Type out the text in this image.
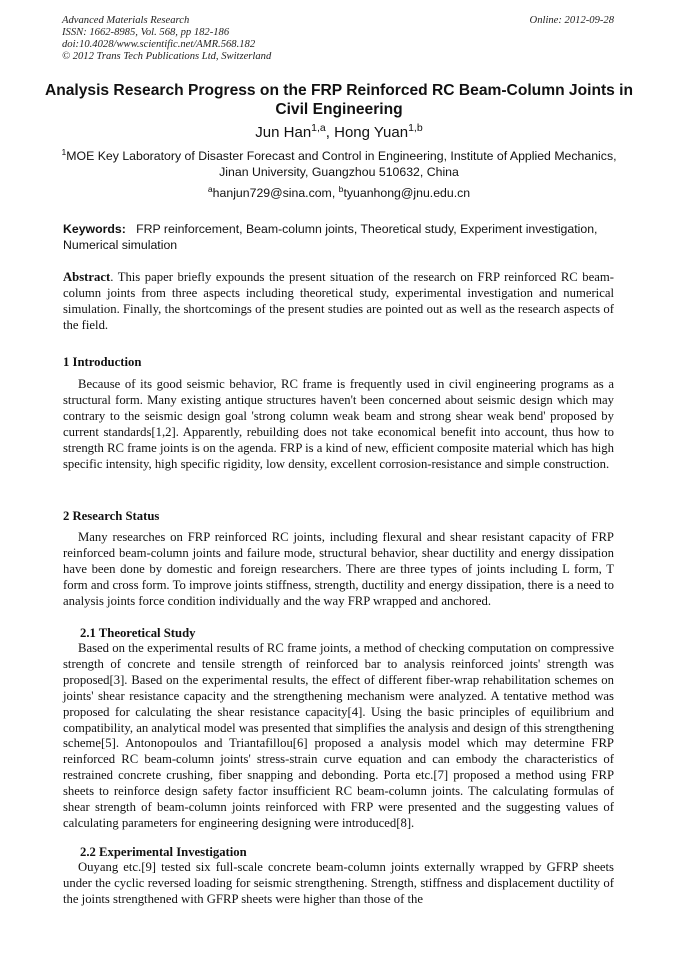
Advanced Materials Research
ISSN: 1662-8985, Vol. 568, pp 182-186
doi:10.4028/www.scientific.net/AMR.568.182
© 2012 Trans Tech Publications Ltd, Switzerland
Online: 2012-09-28
Analysis Research Progress on the FRP Reinforced RC Beam-Column Joints in Civil Engineering
Jun Han$^{1,a}$, Hong Yuan$^{1,b}$
$^1$MOE Key Laboratory of Disaster Forecast and Control in Engineering, Institute of Applied Mechanics, Jinan University, Guangzhou 510632, China
$^a$hanjun729@sina.com, $^b$tyuanhong@jnu.edu.cn
Keywords: FRP reinforcement, Beam-column joints, Theoretical study, Experiment investigation, Numerical simulation
Abstract. This paper briefly expounds the present situation of the research on FRP reinforced RC beam-column joints from three aspects including theoretical study, experimental investigation and numerical simulation. Finally, the shortcomings of the present studies are pointed out as well as the research aspects of the field.
1 Introduction
Because of its good seismic behavior, RC frame is frequently used in civil engineering programs as a structural form. Many existing antique structures haven't been concerned about seismic design which may contrary to the seismic design goal 'strong column weak beam and strong shear weak bend' proposed by current standards[1,2]. Apparently, rebuilding does not take economical benefit into account, thus how to strength RC frame joints is on the agenda. FRP is a kind of new, efficient composite material which has high specific intensity, high specific rigidity, low density, excellent corrosion-resistance and simple construction.
2 Research Status
Many researches on FRP reinforced RC joints, including flexural and shear resistant capacity of FRP reinforced beam-column joints and failure mode, structural behavior, shear ductility and energy dissipation have been done by domestic and foreign researchers. There are three types of joints including L form, T form and cross form. To improve joints stiffness, strength, ductility and energy dissipation, there is a need to analysis joints force condition individually and the way FRP wrapped and anchored.
2.1 Theoretical Study
Based on the experimental results of RC frame joints, a method of checking computation on compressive strength of concrete and tensile strength of reinforced bar to analysis reinforced joints' strength was proposed[3]. Based on the experimental results, the effect of different fiber-wrap rehabilitation schemes on joints' shear resistance capacity and the strengthening mechanism were analyzed. A tentative method was proposed for calculating the shear resistance capacity[4]. Using the basic principles of equilibrium and compatibility, an analytical model was presented that simplifies the analysis and design of this strengthening scheme[5]. Antonopoulos and Triantafillou[6] proposed a analysis model which may determine FRP reinforced RC beam-column joints' stress-strain curve equation and can embody the characteristics of restrained concrete crushing, fiber snapping and debonding. Porta etc.[7] proposed a method using FRP sheets to reinforce design safety factor insufficient RC beam-column joints. The calculating formulas of shear strength of beam-column joints reinforced with FRP were presented and the suggesting values of calculating parameters for engineering designing were introduced[8].
2.2 Experimental Investigation
Ouyang etc.[9] tested six full-scale concrete beam-column joints externally wrapped by GFRP sheets under the cyclic reversed loading for seismic strengthening. Strength, stiffness and displacement ductility of the joints strengthened with GFRP sheets were higher than those of the
